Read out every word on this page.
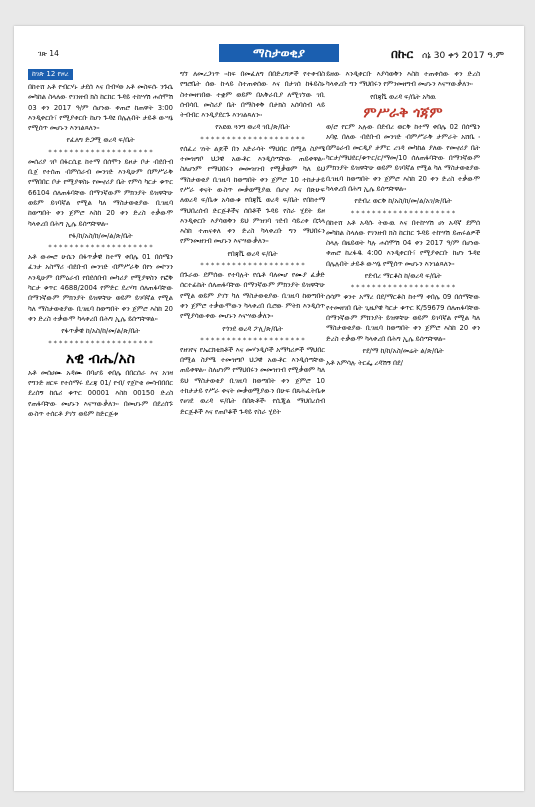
ገጽ 14	ማስታወቂያ	በኩር ሰኔ 30 ቀን 2017 ዓ.ም
ከገጽ 12 የዞረ

በከተሸ አቶ የብርሃኑ ታደሰ እና በብሃወ አቶ መስፍሱ ንጉሴ መካከል ስላለው የገንዘብ ክስ ከርከር ጉዳይ ተከሣሽ ሐሰሞሽ 03 ቀን 2017 ዓ/ም ሰሆነው ቀጠሮ ከጠዋት 3:00 እንዲቀርቡ፣ የሚያቀርቡ ከሆነ ጉዳዩ በሌሉበት ታይቶ ውሣኔ የሚሰጥ መሆኑን እንገልጻለን፡፡

የፈለግ ድጋሚ ወረዳ ፍ/ቤት
* * * * * * * * * * * * * * * * * * * *

መሰሪያ ገቦ በፋርሲዬ ከተማ በሰሞን ይዞታ ቦታ ፡በደቡብ ቢጀ የተሰጠ ፡በምሰራብ መንገድ እንዲሁም በምሥራቅ የማበበር ቦታ የሚያዋስኑ የመኖሪያ ቤት የምሳ ካርታ ቁጥር 66104 ሰለጠፋባቸው በማንኛውም ምክንያት ይዝዋቸሁ ወይም ይገባኛል የሚል ካለ ማስታወቂያው ቢገዚባ ከወጣበት ቀን ጀምሮ እስከ 20 ቀን ድረስ ተቃውሞ ካላቀረበ በሕግ ኢሌ ይሰጣቸዋል፡፡

የፋ/ከ/አስ/ከ/መ/ል/ጽ/ቤት
* * * * * * * * * * * * * * * * * * * *

አቶ ውመሮ ሁሴን በፋጥቃዊ ከተማ ቀበሌ 01 በሰሜን ፈንታ አስማሪ ፡በደቡብ መንገድ ፡በምሥራቅ በየነ መኮንን እንዲሁም በምዕራብ የበደሰበብ መካሪያ የሚያዋስን የፎቅ ካርታ ቁጥር 4688/2004 የምድር ደረሃሻ ሰለጠፋባቸው በማንኛውም ምክንያት ይዝዋቸሁ ወይም ይገባኛል የሚል ካለ ማስታወቂያው ቢገዚባ ከወጣበት ቀን ጀምሮ እስከ 20 ቀን ድረስ ተቃውሞ ካላቀረበ በሕግ ኢሌ ይሰጣቸዋል፡፡

የፋጥቃዊ ከ/አስ/ከ/መ/ል/ጽ/ቤት
* * * * * * * * * * * * * * * * * * * *
አዊ ብሔ/አስ

አቶ መሰሀሙ አዳሙ በባሆይ ቀበሌ በበርሰራ እና አገዛ የግንድ ዘርፍ የተሰማሩ ደረጃ 01/ የብ/ የጀኮቂ መሳብበበር ደረሰኝ ከሴሪ ቁጥር 00001 እስከ 00150 ድረስ የጠፋባቸው መሆኑን እናሣውቃለን፡፡ በመሆኑም በደረሰኙ ውስጥ ተሰርቶ ያገኘ ወይም ከድርጅቱ

ግኘ ለመረጋገጥ ፡፡ከፍ በመፈለግ በበድረሻዎች የተቀብስ የግሮቤት ሰው ኩላይ ስተጠቀሰው እና በታገሰ ከፋይስኑ ስተመዘገበው ተቋም ወይም በአቅራቢያ ለሚገኘው ገቢ ሰብሳቢ መስሪያ ቤት በማስቀቅ በታክስ አሰባሰብ ላይ ትብብር እንዲያደርጉ እንገልጻለን፡፡

የአዩዉ ጓንግ ወረዳ ገቢ/ጽ/ቤት
* * * * * * * * * * * * * * * * * * * *

የሰፈረ ገነት ልጆች በን አድራሳት ማህበር በሚል ስያሜ ተመዝግቦ ህጋዊ አውቶር እንዲሰጣቸው ጠይቀዋል፡፡ ስለሆነም የማህበሩን መመዝገብ የሚቃወም ካለ ይህ ማስታወቂያ ቢገዚባ ከወጣበት ቀን ጀምሮ 10 ተከታታይ የሥራ ቀናት ውስጥ መቃወሚያዉ በሆኖ እና በጽሁፍ ለወረዳ ፍ/ቤቱ አሳውቁ የበጃቬ ወረዳ ፍ/ቤት የበከተማ ማህበረሰብ ድርጅቶችና ሰበቶች ጉዳይ የስራ ሂደት ይዞ እንዲቀርቡ እያሳወቅን ይህ ምዝገባ ገደብ ሳይረቀ በኋላ እስከ ተጠናቀለ ቀን ድረስ ካላቀረቡ ግን ማህበሩን የምንመዘገብ መሆኑን እናሣውቃለን፡፡

የበጃቬ ወረዳ ፍ/ቤት
* * * * * * * * * * * * * * * * * * * *

በጉራው ደምሰው የተባሉት የሴቶ ባለመሆ የሙያ ፈቃድ ሰርተፊኬት ሰለጠፋባቸው በማንኛውም ምክንያት ይዝዋቸሁ የሚል ወይም ያገኘ ካለ ማስታወቂያው ቢገዚባ ከወጣበት ቀን ጀምሮ ተቃውሞውን ካላቀረበ ቢሮው ምትክ እንዲሰጥ የሚያሳውቀው መሆኑን እናሣውቃለን፡፡

የጎንደ ወረዳ ፖሊ/ጽ/ቤት
* * * * * * * * * * * * * * * * * * * *

የዘገየና የኤርክቴክቶች እና መሃንዲሶች አማካሪዎች ማህበር በሚል ስያሜ ተመዝግቦ ህጋዊ አውቶር እንዲሰጣቸው ጠይቀዋል፡፡ ስለሆነም የማህበሩን መመዝገብ የሚቃወም ካለ ይህ ማስታወቂያ ቢገዚባ ከወጣበት ቀን ጀምሮ 10 ተከታታይ የሥራ ቀናት መቃወሚያውን በሁፍ በጸሕፈትቤቱ የፀገደ ወረዳ ፍ/ቤት በበጽቶች፡ የሲጂል ማህበረሰብ ድርጅቶች እና የጠቦቆች ጉዳይ የስራ ሂደት

ይዘው እንዲቀርቡ እያሳወቅን እስከ ተጠቀሰው ቀን ድረስ ካላቀረቡ ግን ማህበሩን የምንመዘግብ መሆኑን እናሣውቃለን፡፡

የበጃቬ ወረዳ ፍ/ቤት አካዉ
ምሥራቅ ጎጃም

ወ/ሮ የርም አሉው በደብረ ወርቅ ከተማ ቀበሌ 02 በሰሜን አባዬ በለው ፡በደቡብ መንገድ ፡በምሥራቅ ታምራት አሸቤ ፡በምዕራብ መርዲያ ታምር ረገዳ መካከል ያለው የመኖሪያ ቤት ካርታ/ማህደር/ቁጥር/ር/ማመ/10 ሰለጠፋባቸው በማንኛውም ምክንያት ይዝዋቸሁ ወይም ይገባኛል የሚል ካለ ማስታወቂያው ቢገዚባ ከወጣበት ቀን ጀምሮ እስከ 20 ቀን ድረስ ተቃውሞ ካላቀረበ በሕግ ኢሌ ይሰጣቸዋል፡፡

የደብረ ወርቅ ከ/አስ/ከ/መ/ል/አገ/ጽ/ቤት
* * * * * * * * * * * * * * * * * * * *

በከተሸ አቶ አዳሱ ትውዉ እና በተከሣሽ ሀነ አዳኛ ደምሰ መካከል ስላለው የገንዘብ ክስ ከርከር ጉዳይ ተከሣሽ ይጠሩልዎች ስላሉ በዜይወት ካሉ ሐሰሞሽ 04 ቀን 2017 ዓ/ም በሆነው ቀጠሮ ከረፋዱ 4:00 እንዲቀርቡ፣ የሚያቀርቡ ከሆነ ጉዳዩ በሌሉበት ታይቶ ውሣኔ የሚሰጥ መሆኑን እንገልጻለን፡፡

የደብረ ማርቆስ ከ/ወረዳ ፍ/ቤት
* * * * * * * * * * * * * * * * * * * *

ሰሳም ቁንተ አማረ በደ/ማርቆስ ከተማ ቀበሌ 09 በሰማቸው የተመዘገበ ቤት ጊዜያዊ ካርታ ቁጥር K/59679 ሰለጠፋባቸው በማንኛውም ምክንያት ይዝዋቸሁ ወይም ይገባኛል የሚል ካለ ማስታወቂያው ቢገዚባ ከወጣበት ቀን ጀምሮ እስከ 20 ቀን ድረስ ተቃውሞ ካላቀረበ በሕግ ኢሌ ይሰጣቸዋል፡፡

የደ/ማ ከ/ከ/አስ/መሬት ል/ጽ/ቤት

አቶ አምሳሉ ትርፌ ረዳሽኝ በደ/
